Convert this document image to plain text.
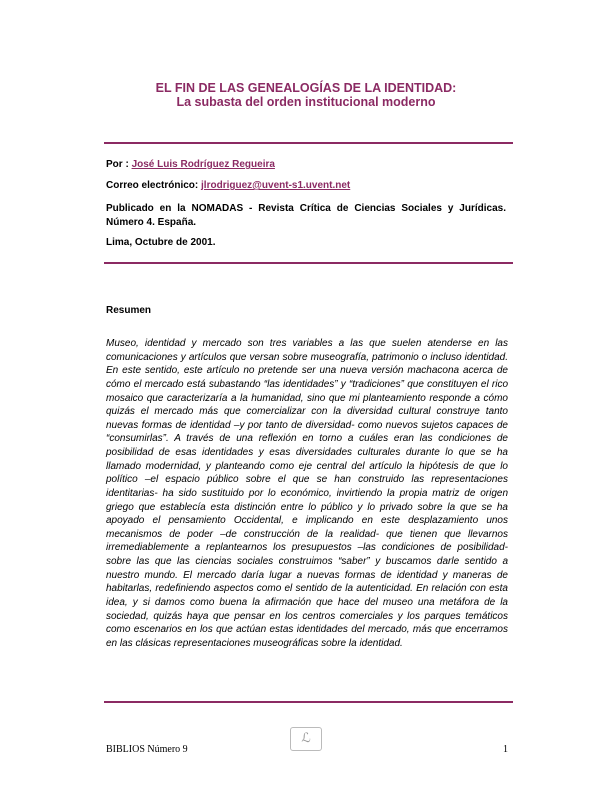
EL FIN DE LAS GENEALOGÍAS DE LA IDENTIDAD:
La subasta del orden institucional moderno
Por : José Luis Rodríguez Regueira
Correo electrónico: jlrodriguez@uvent-s1.uvent.net
Publicado en la NOMADAS - Revista Crítica de Ciencias Sociales y Jurídicas. Número 4. España.
Lima, Octubre de 2001.
Resumen

Museo, identidad y mercado son tres variables a las que suelen atenderse en las comunicaciones y artículos que versan sobre museografía, patrimonio o incluso identidad. En este sentido, este artículo no pretende ser una nueva versión machacona acerca de cómo el mercado está subastando “las identidades” y “tradiciones” que constituyen el rico mosaico que caracterizaría a la humanidad, sino que mi planteamiento responde a cómo quizás el mercado más que comercializar con la diversidad cultural construye tanto nuevas formas de identidad –y por tanto de diversidad- como nuevos sujetos capaces de “consumirlas”. A través de una reflexión en torno a cuáles eran las condiciones de posibilidad de esas identidades y esas diversidades culturales durante lo que se ha llamado modernidad, y planteando como eje central del artículo la hipótesis de que lo político –el espacio público sobre el que se han construido las representaciones identitarias- ha sido sustituido por lo económico, invirtiendo la propia matriz de origen griego que establecía esta distinción entre lo público y lo privado sobre la que se ha apoyado el pensamiento Occidental, e implicando en este desplazamiento unos mecanismos de poder –de construcción de la realidad- que tienen que llevarnos irremediablemente a replantearnos los presupuestos –las condiciones de posibilidad- sobre las que las ciencias sociales construimos “saber” y buscamos darle sentido a nuestro mundo. El mercado daría lugar a nuevas formas de identidad y maneras de habitarlas, redefiniendo aspectos como el sentido de la autenticidad. En relación con esta idea, y si damos como buena la afirmación que hace del museo una metáfora de la sociedad, quizás haya que pensar en los centros comerciales y los parques temáticos como escenarios en los que actúan estas identidades del mercado, más que encerramos en las clásicas representaciones museográficas sobre la identidad.

ℒ
BIBLIOS Número 9	1
